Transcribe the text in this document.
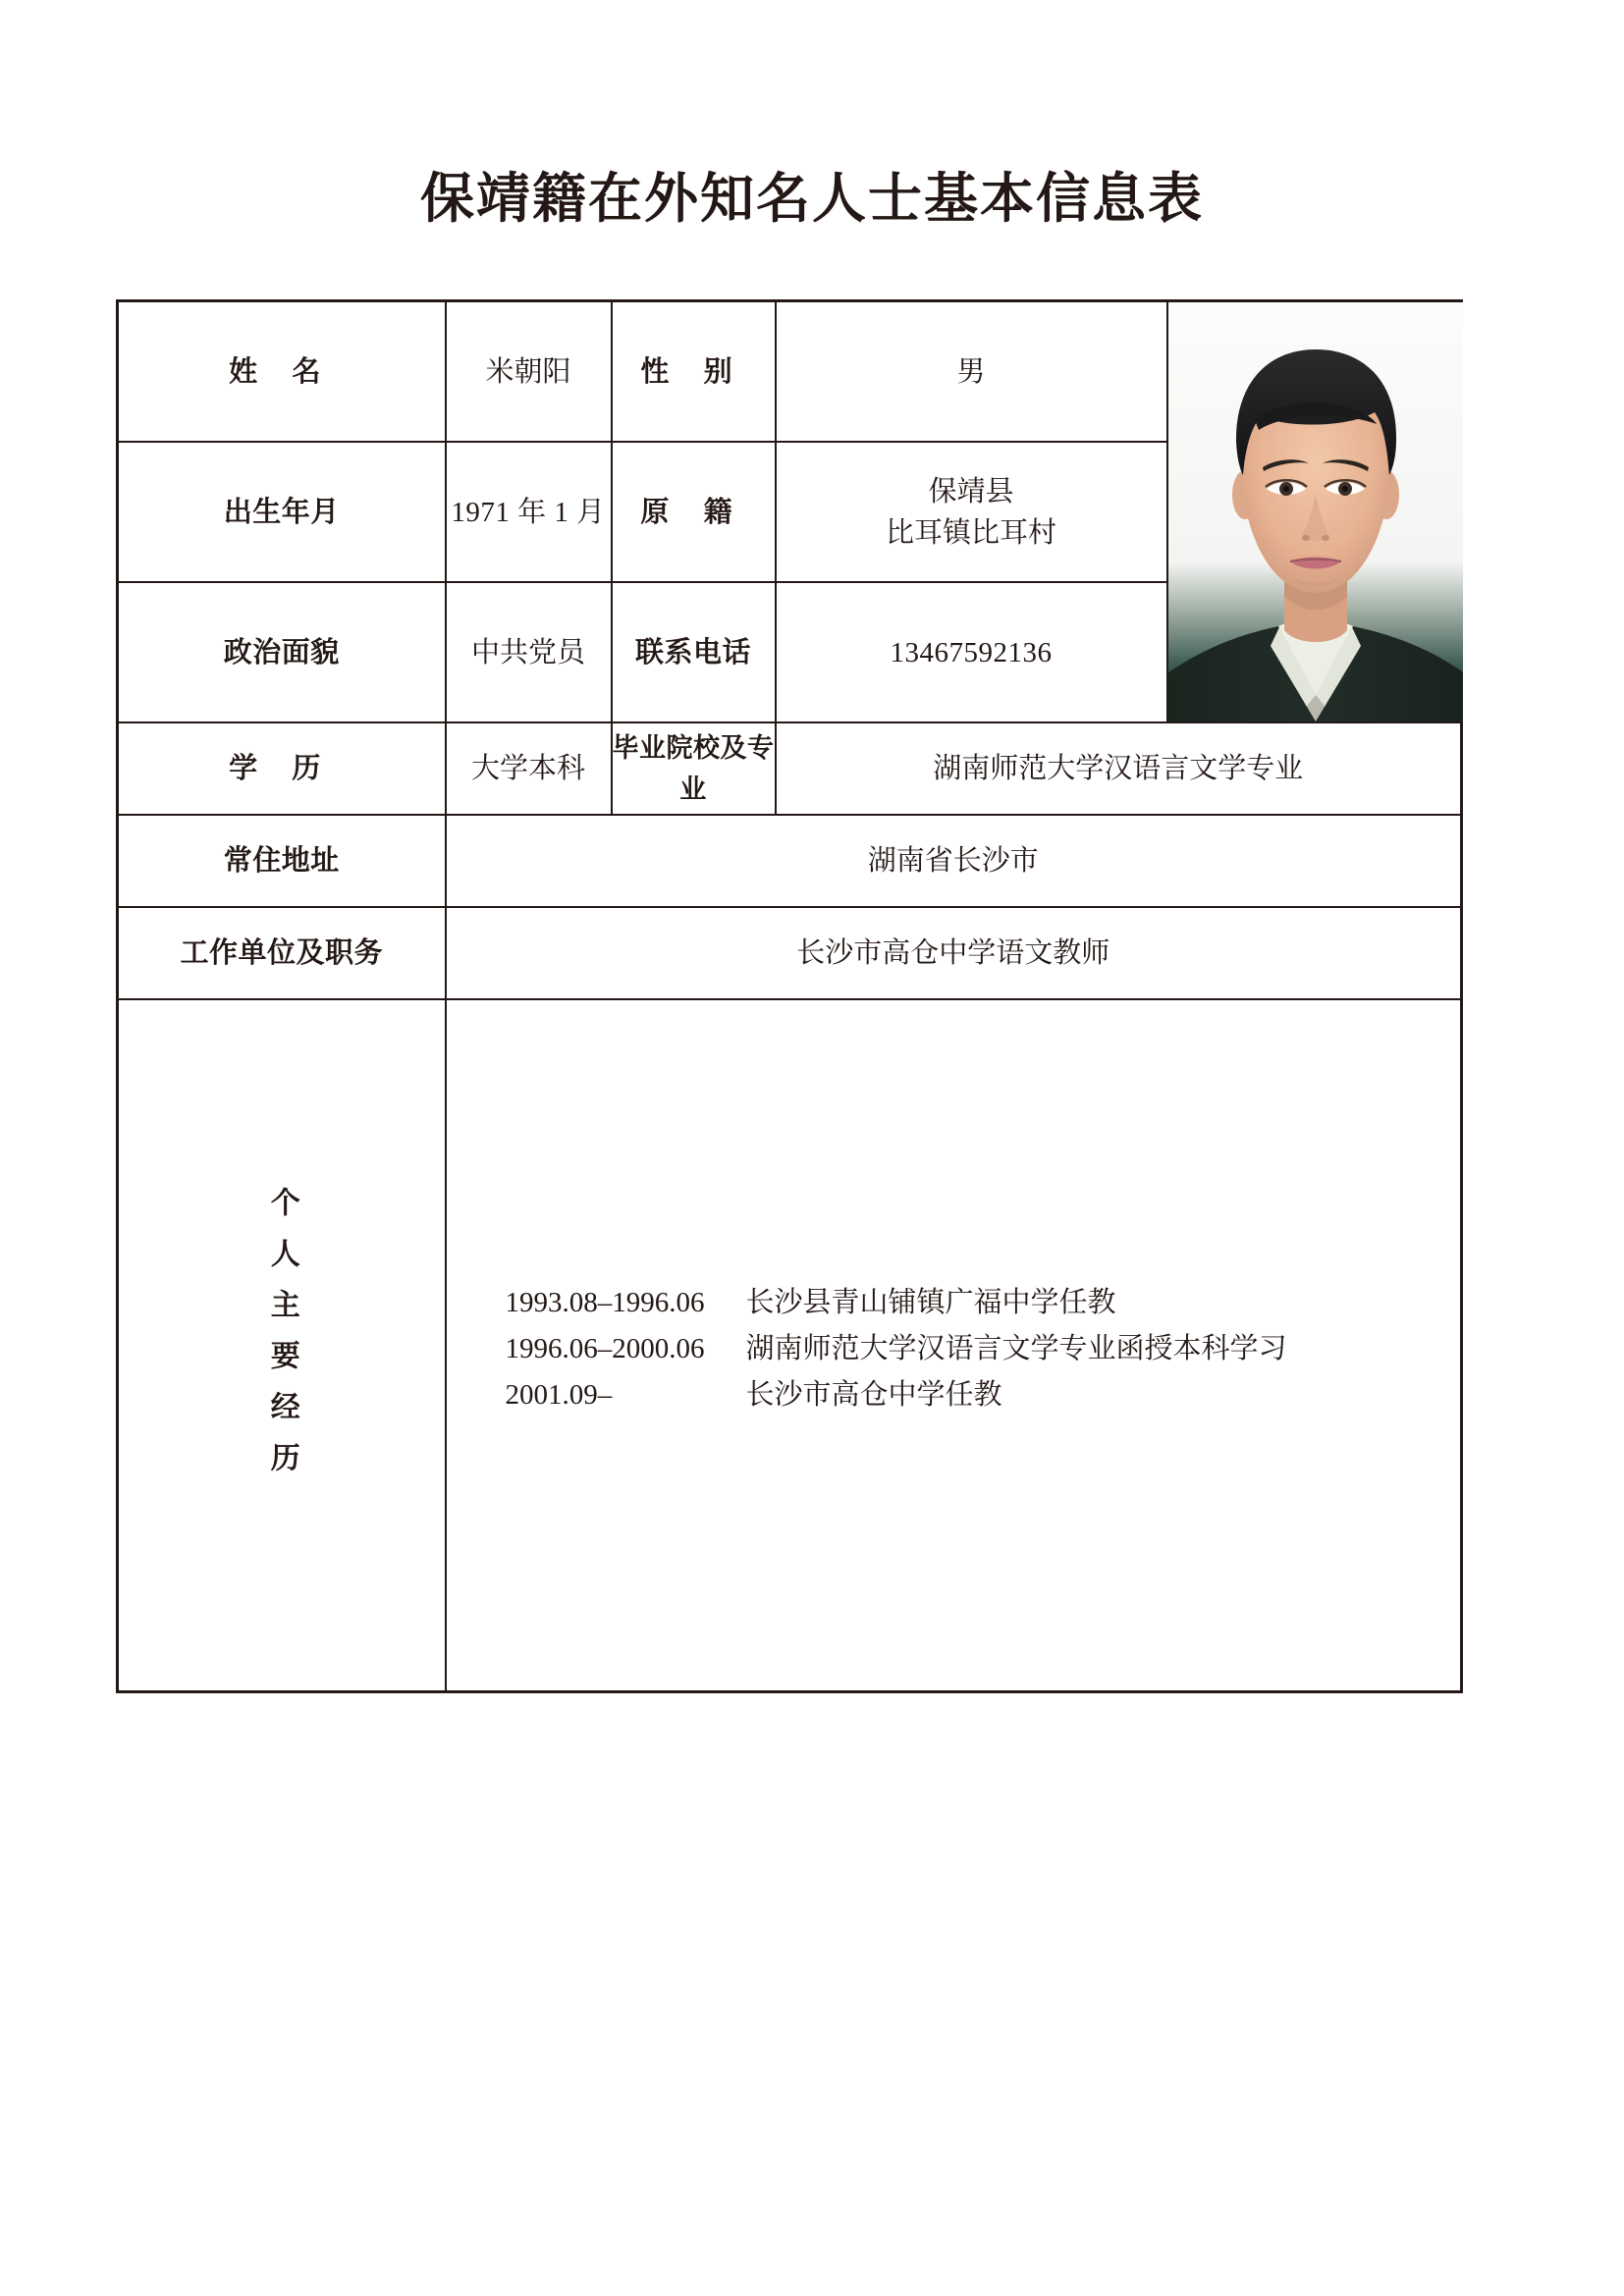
保靖籍在外知名人士基本信息表
姓 名	米朝阳	性 别	男	

出生年月	1971 年 1 月	原 籍	保靖县
比耳镇比耳村	

政治面貌	中共党员	联系电话	13467592136	
学 历	大学本科	毕业院校及专业	湖南师范大学汉语言文学专业	
常住地址	湖南省长沙市			
工作单位及职务	长沙市高仓中学语文教师			
个人主要经历	1993.08–1996.06	长沙县青山铺镇广福中学任教
1996.06–2000.06	湖南师范大学汉语言文学专业函授本科学习
2001.09–	长沙市高仓中学任教
